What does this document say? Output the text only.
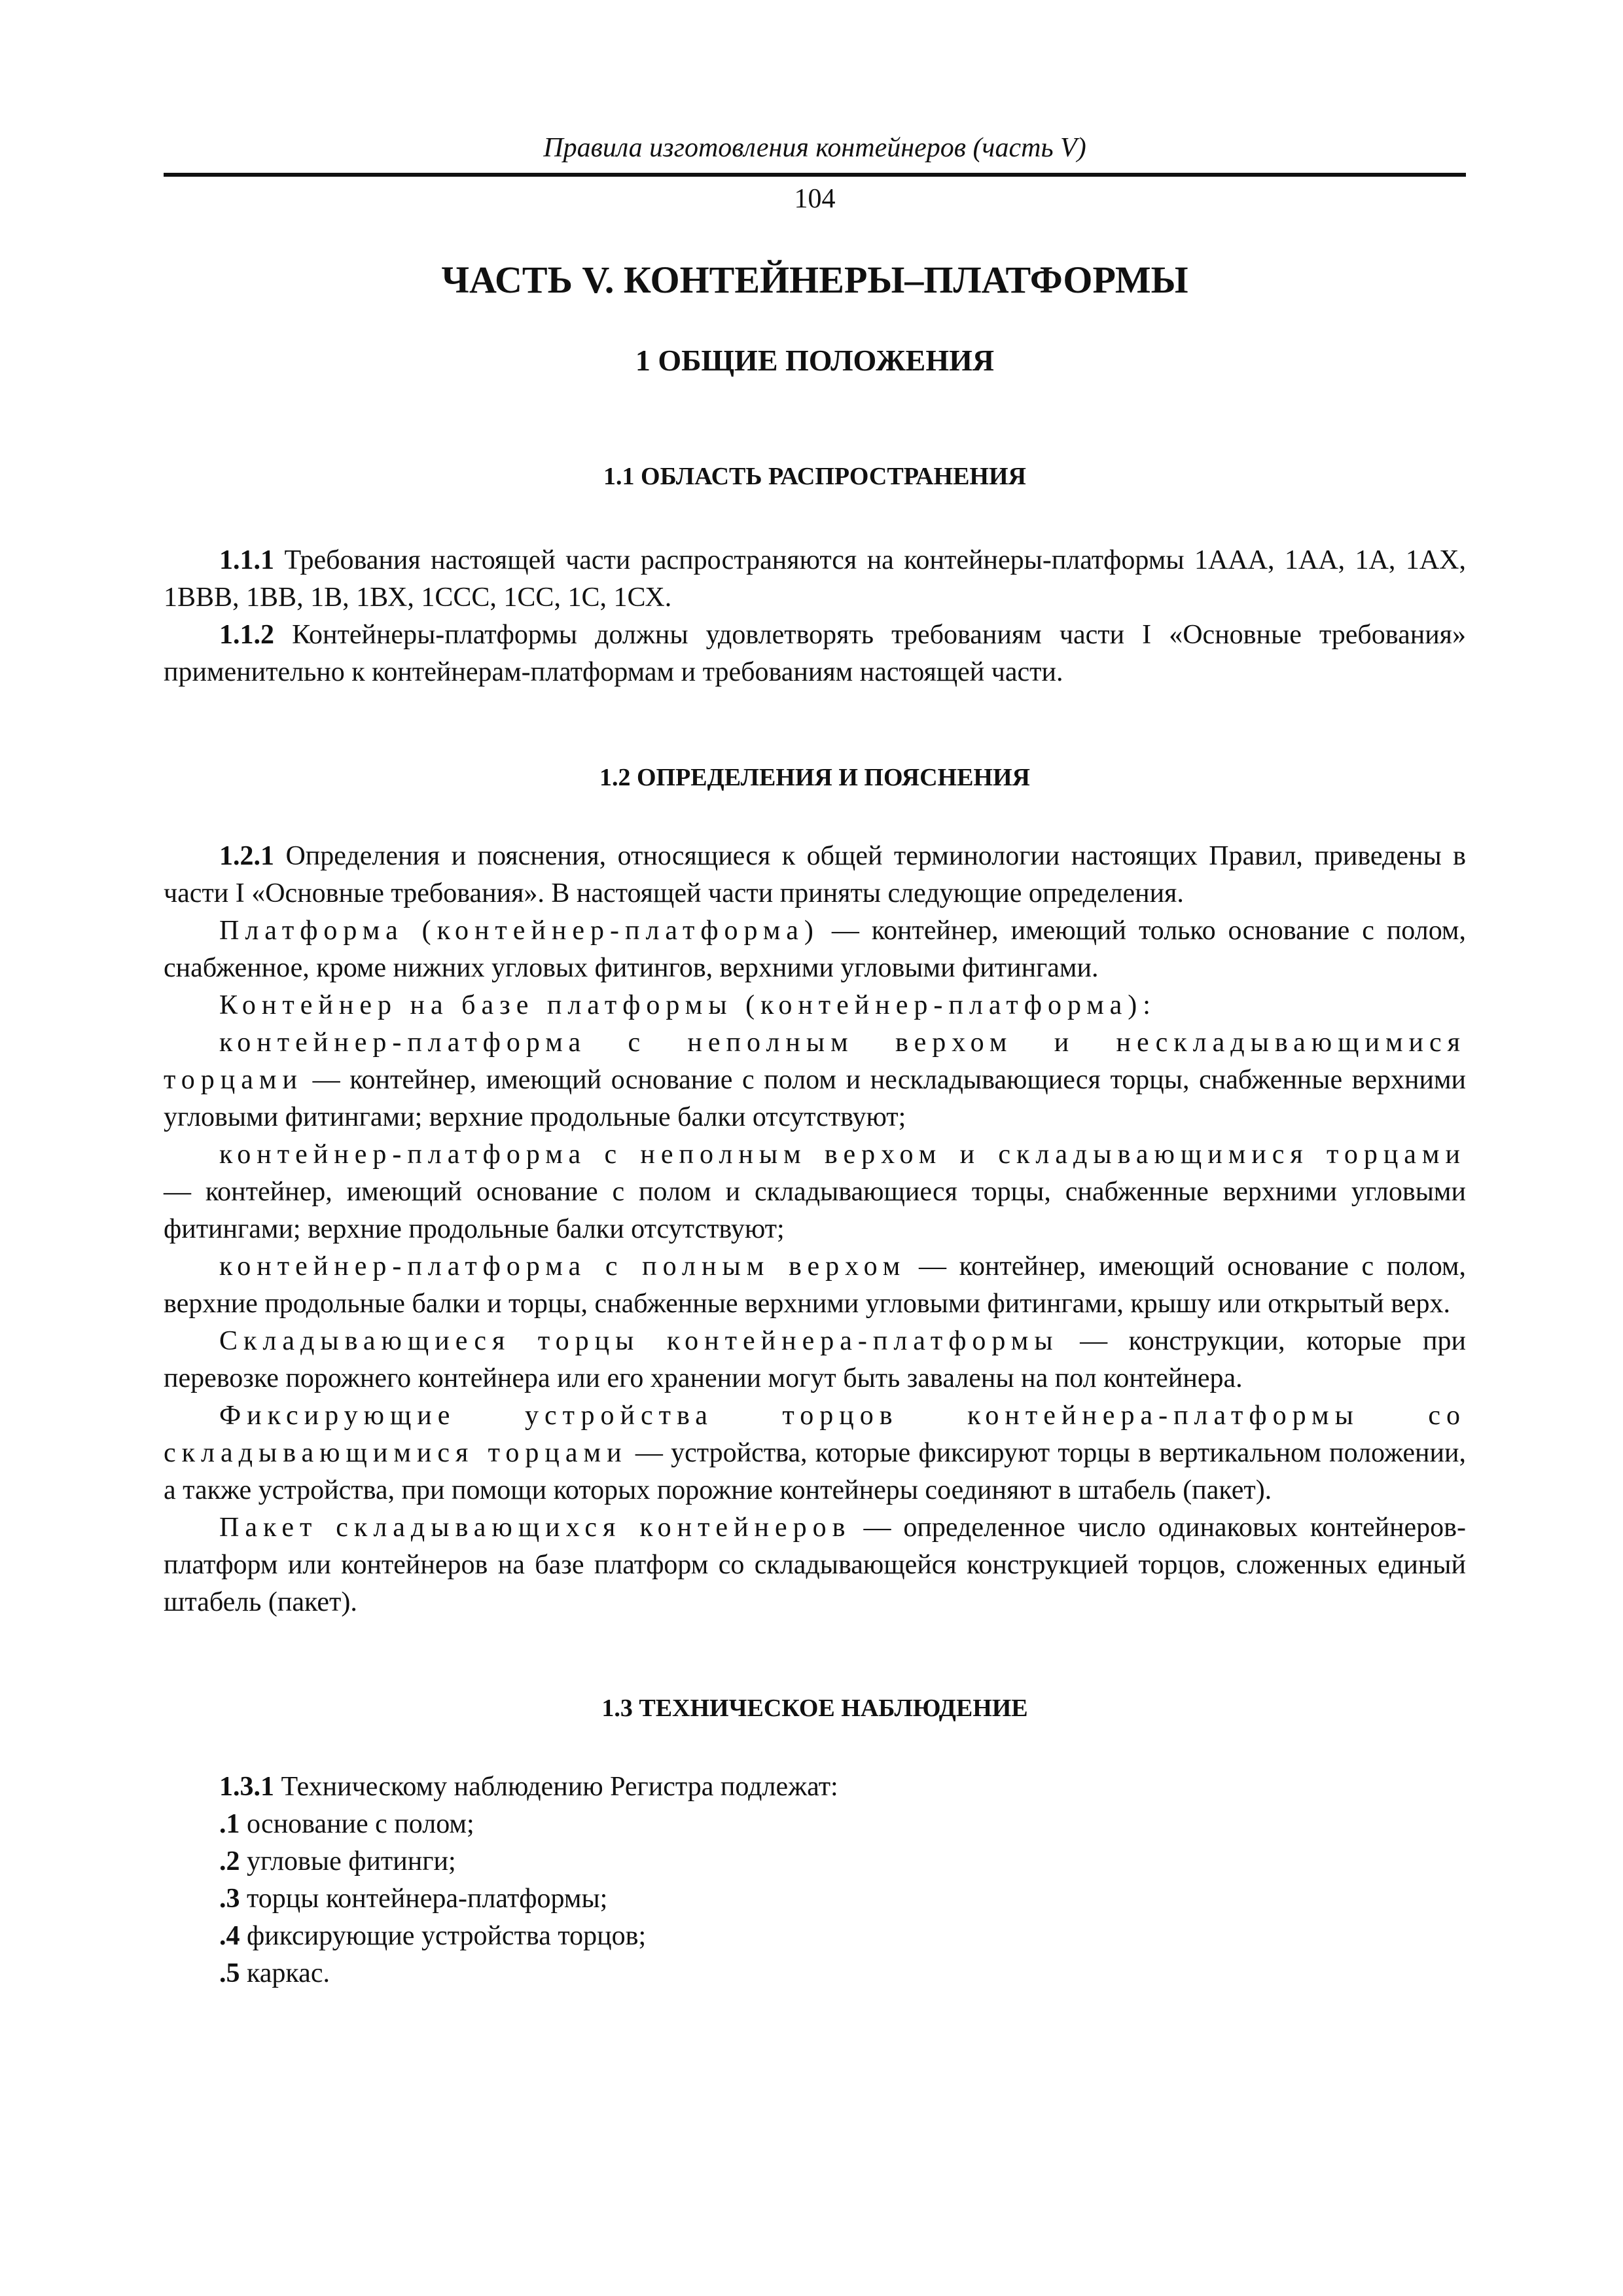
Правила изготовления контейнеров (часть V)
104
ЧАСТЬ V. КОНТЕЙНЕРЫ–ПЛАТФОРМЫ
1 ОБЩИЕ ПОЛОЖЕНИЯ
1.1 ОБЛАСТЬ РАСПРОСТРАНЕНИЯ

1.1.1 Требования настоящей части распространяются на контейнеры-платформы 1ААА, 1АА, 1А, 1АХ, 1ВВВ, 1ВВ, 1В, 1ВХ, 1ССС, 1СС, 1С, 1СХ.

1.1.2 Контейнеры-платформы должны удовлетворять требованиям части I «Основные требования» применительно к контейнерам-платформам и требованиям настоящей части.

1.2 ОПРЕДЕЛЕНИЯ И ПОЯСНЕНИЯ

1.2.1 Определения и пояснения, относящиеся к общей терминологии настоящих Правил, приведены в части I «Основные требования». В настоящей части приняты следующие определения.

Платформа (контейнер-платформа) — контейнер, имеющий только основание с полом, снабженное, кроме нижних угловых фитингов, верхними угловыми фитингами.

Контейнер на базе платформы (контейнер-платформа):

контейнер-платформа с неполным верхом и нескладывающимися торцами — контейнер, имеющий основание с полом и нескладывающиеся торцы, снабженные верхними угловыми фитингами; верхние продольные балки отсутствуют;

контейнер-платформа с неполным верхом и складывающимися торцами — контейнер, имеющий основание с полом и складывающиеся торцы, снабженные верхними угловыми фитингами; верхние продольные балки отсутствуют;

контейнер-платформа с полным верхом — контейнер, имеющий основание с полом, верхние продольные балки и торцы, снабженные верхними угловыми фитингами, крышу или открытый верх.

Складывающиеся торцы контейнера-платформы — конструкции, которые при перевозке порожнего контейнера или его хранении могут быть завалены на пол контейнера.

Фиксирующие устройства торцов контейнера-платформы со складывающимися торцами — устройства, которые фиксируют торцы в вертикальном положении, а также устройства, при помощи которых порожние контейнеры соединяют в штабель (пакет).

Пакет складывающихся контейнеров — определенное число одинаковых контейнеров-платформ или контейнеров на базе платформ со складывающейся конструкцией торцов, сложенных единый штабель (пакет).

1.3 ТЕХНИЧЕСКОЕ НАБЛЮДЕНИЕ

1.3.1 Техническому наблюдению Регистра подлежат:

.1 основание с полом;

.2 угловые фитинги;

.3 торцы контейнера-платформы;

.4 фиксирующие устройства торцов;

.5 каркас.
